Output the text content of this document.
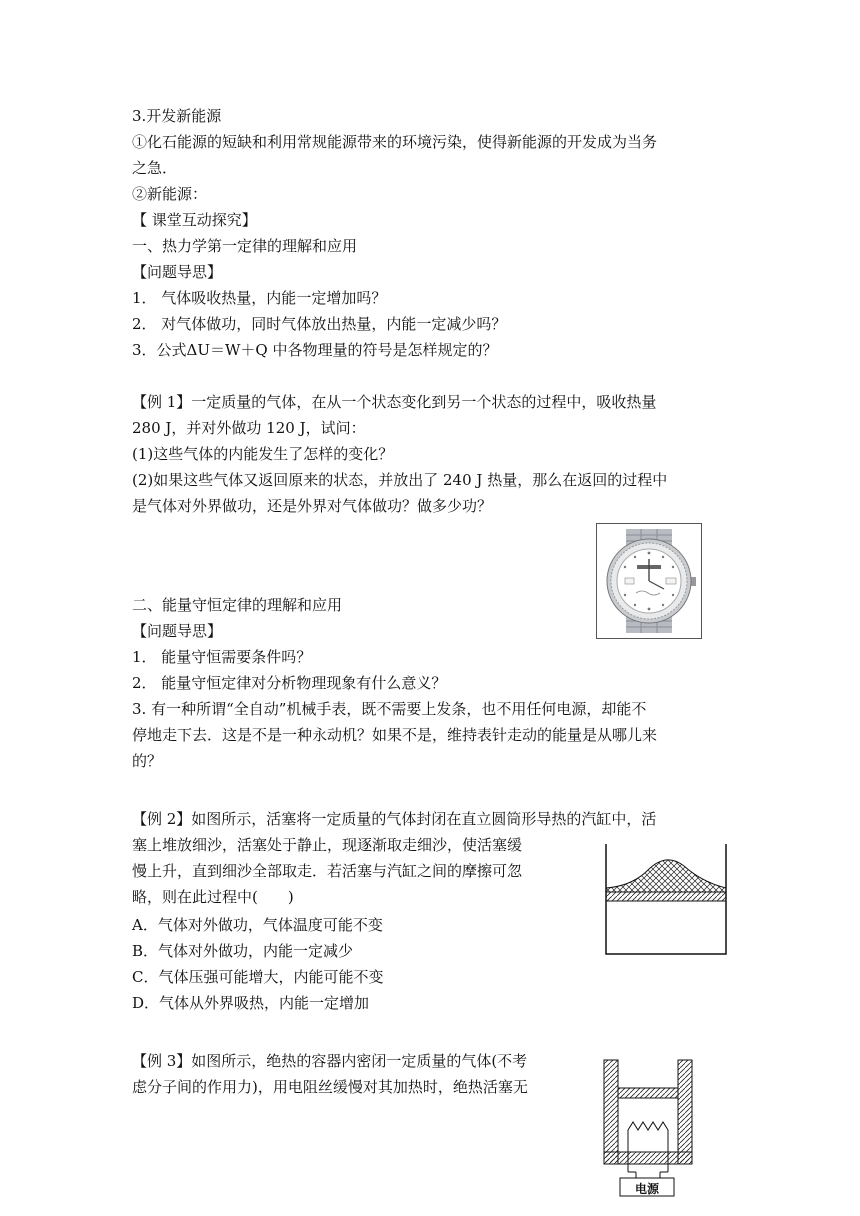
3.开发新能源
①化石能源的短缺和利用常规能源带来的环境污染，使得新能源的开发成为当务
之急．
②新能源：
【 课堂互动探究】
一、热力学第一定律的理解和应用
【问题导思】
1． 气体吸收热量，内能一定增加吗？
2． 对气体做功，同时气体放出热量，内能一定减少吗？
3．公式ΔU＝W＋Q 中各物理量的符号是怎样规定的？
【例 1】一定质量的气体，在从一个状态变化到另一个状态的过程中，吸收热量
280 J，并对外做功 120 J，试问：
(1)这些气体的内能发生了怎样的变化？
(2)如果这些气体又返回原来的状态，并放出了 240 J 热量，那么在返回的过程中
是气体对外界做功，还是外界对气体做功？做多少功？
二、能量守恒定律的理解和应用
【问题导思】
1． 能量守恒需要条件吗？
2． 能量守恒定律对分析物理现象有什么意义？
3. 有一种所谓“全自动”机械手表，既不需要上发条，也不用任何电源，却能不
停地走下去．这是不是一种永动机？如果不是，维持表针走动的能量是从哪儿来
的？
【例 2】如图所示，活塞将一定质量的气体封闭在直立圆筒形导热的汽缸中，活
塞上堆放细沙，活塞处于静止，现逐渐取走细沙，使活塞缓
慢上升，直到细沙全部取走．若活塞与汽缸之间的摩擦可忽
略，则在此过程中(　　)
A．气体对外做功，气体温度可能不变
B．气体对外做功，内能一定减少
C．气体压强可能增大，内能可能不变
D．气体从外界吸热，内能一定增加
【例 3】如图所示，绝热的容器内密闭一定质量的气体(不考
虑分子间的作用力)，用电阻丝缓慢对其加热时，绝热活塞无
电源
